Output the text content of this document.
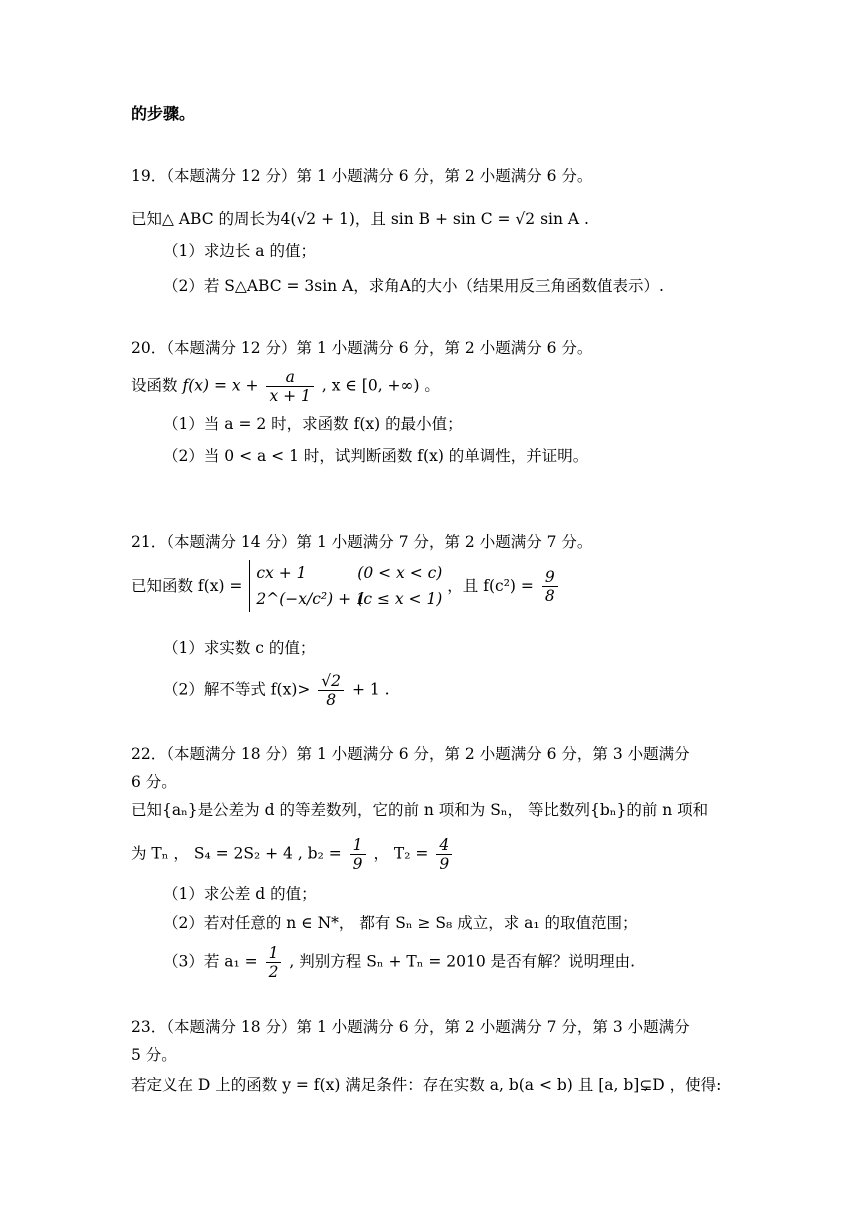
的步骤。
19．（本题满分 12 分）第 1 小题满分 6 分，第 2 小题满分 6 分。
已知△ ABC 的周长为4(√2 + 1)，且 sin B + sin C = √2 sin A .
（1）求边长 a 的值；
（2）若 S△ABC = 3sin A，求角A的大小（结果用反三角函数值表示）.
20．（本题满分 12 分）第 1 小题满分 6 分，第 2 小题满分 6 分。
设函数 $f(x) = x + \frac{a}{x + 1}$ , x ∈ [0, +∞) 。
（1）当 a = 2 时，求函数 f(x) 的最小值；
（2）当 0 < a < 1 时，试判断函数 f(x) 的单调性，并证明。
21．（本题满分 14 分）第 1 小题满分 7 分，第 2 小题满分 7 分。
已知函数 f(x) =
cx + 1	(0 < x < c)
2^(−x/c²) + 1 (c ≤ x < 1)
，且 $f(c^2) = \frac{9}{8}$
（1）求实数 c 的值；
（2）解不等式 $f(x)> \frac{√2}{8} + 1$ .
22．（本题满分 18 分）第 1 小题满分 6 分，第 2 小题满分 6 分，第 3 小题满分
6 分。
已知{aₙ}是公差为 d 的等差数列，它的前 n 项和为 Sₙ， 等比数列{bₙ}的前 n 项和
为 Tₙ ， S₄ = 2S₂ + 4 , $b_2 = \frac{1}{9}$ ， $T_2 = \frac{4}{9}$
（1）求公差 d 的值；
（2）若对任意的 n ∈ N*， 都有 Sₙ ≥ S₈ 成立，求 a₁ 的取值范围；
（3）若 $a_1 = \frac{1}{2}$ , 判别方程 Sₙ + Tₙ = 2010 是否有解？说明理由.
23．（本题满分 18 分）第 1 小题满分 6 分，第 2 小题满分 7 分，第 3 小题满分
5 分。
若定义在 D 上的函数 y = f(x) 满足条件：存在实数 a, b(a < b) 且 [a, b]⊊D ，使得:
